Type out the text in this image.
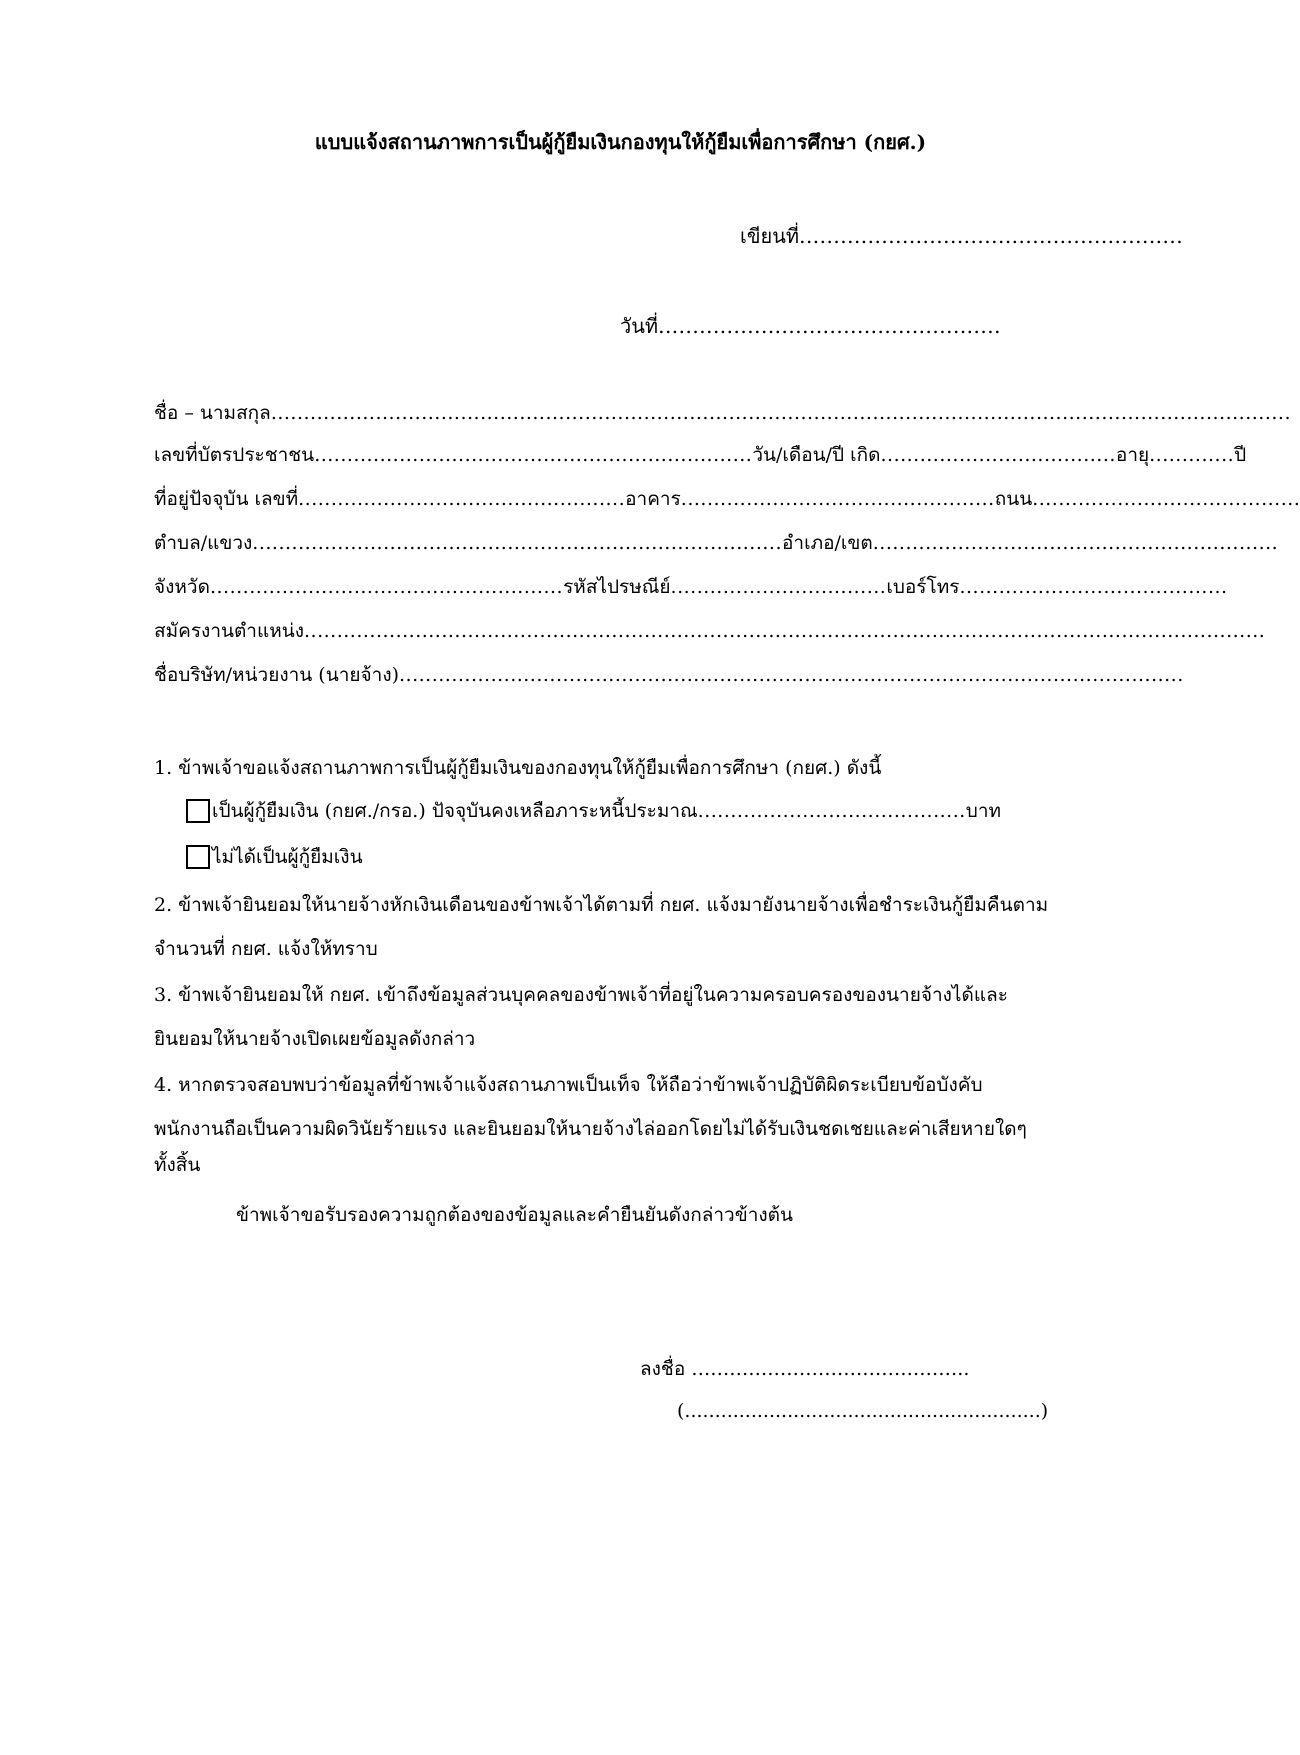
แบบแจ้งสถานภาพการเป็นผู้กู้ยืมเงินกองทุนให้กู้ยืมเพื่อการศึกษา (กยศ.)
เขียนที่........................................................
วันที่..................................................
ชื่อ – นามสกุล............................................................................................................................................................
เลขที่บัตรประชาชน...................................................................วัน/เดือน/ปี เกิด....................................อายุ.............ปี
ที่อยู่ปัจจุบัน เลขที่..................................................อาคาร................................................ถนน.........................................
ตำบล/แขวง.................................................................................อำเภอ/เขต..............................................................
จังหวัด......................................................รหัสไปรษณีย์.................................เบอร์โทร.........................................
สมัครงานตำแหน่ง...................................................................................................................................................
ชื่อบริษัท/หน่วยงาน (นายจ้าง)........................................................................................................................
1. ข้าพเจ้าขอแจ้งสถานภาพการเป็นผู้กู้ยืมเงินของกองทุนให้กู้ยืมเพื่อการศึกษา (กยศ.) ดังนี้
เป็นผู้กู้ยืมเงิน (กยศ./กรอ.) ปัจจุบันคงเหลือภาระหนี้ประมาณ.........................................บาท
ไม่ได้เป็นผู้กู้ยืมเงิน
2. ข้าพเจ้ายินยอมให้นายจ้างหักเงินเดือนของข้าพเจ้าได้ตามที่ กยศ. แจ้งมายังนายจ้างเพื่อชำระเงินกู้ยืมคืนตาม
จำนวนที่ กยศ. แจ้งให้ทราบ
3. ข้าพเจ้ายินยอมให้ กยศ. เข้าถึงข้อมูลส่วนบุคคลของข้าพเจ้าที่อยู่ในความครอบครองของนายจ้างได้และ
ยินยอมให้นายจ้างเปิดเผยข้อมูลดังกล่าว
4. หากตรวจสอบพบว่าข้อมูลที่ข้าพเจ้าแจ้งสถานภาพเป็นเท็จ ให้ถือว่าข้าพเจ้าปฏิบัติผิดระเบียบข้อบังคับ
พนักงานถือเป็นความผิดวินัยร้ายแรง และยินยอมให้นายจ้างไล่ออกโดยไม่ได้รับเงินชดเชยและค่าเสียหายใดๆ
ทั้งสิ้น
ข้าพเจ้าขอรับรองความถูกต้องของข้อมูลและคำยืนยันดังกล่าวข้างต้น
ลงชื่อ ……………………………………..
(...........................................................)
